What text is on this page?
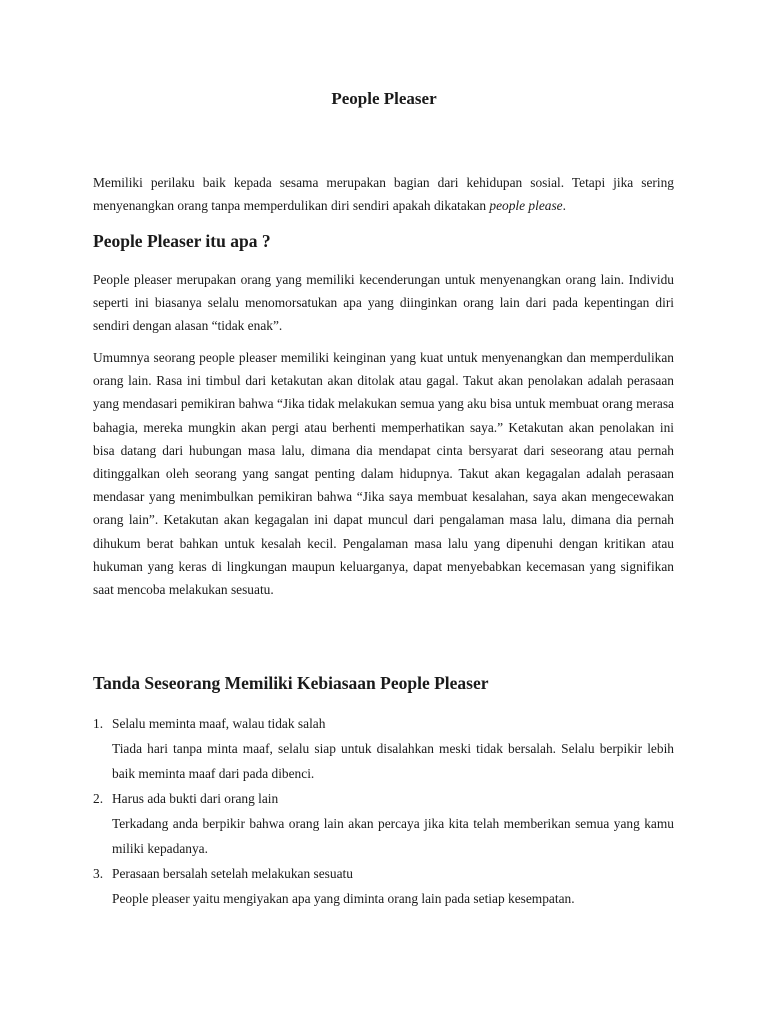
People Pleaser

Memiliki perilaku baik kepada sesama merupakan bagian dari kehidupan sosial. Tetapi jika sering menyenangkan orang tanpa memperdulikan diri sendiri apakah dikatakan people please.

People Pleaser itu apa ?

People pleaser merupakan orang yang memiliki kecenderungan untuk menyenangkan orang lain. Individu seperti ini biasanya selalu menomorsatukan apa yang diinginkan orang lain dari pada kepentingan diri sendiri dengan alasan “tidak enak”.

Umumnya seorang people pleaser memiliki keinginan yang kuat untuk menyenangkan dan memperdulikan orang lain. Rasa ini timbul dari ketakutan akan ditolak atau gagal. Takut akan penolakan adalah perasaan yang mendasari pemikiran bahwa “Jika tidak melakukan semua yang aku bisa untuk membuat orang merasa bahagia, mereka mungkin akan pergi atau berhenti memperhatikan saya.” Ketakutan akan penolakan ini bisa datang dari hubungan masa lalu, dimana dia mendapat cinta bersyarat dari seseorang atau pernah ditinggalkan oleh seorang yang sangat penting dalam hidupnya. Takut akan kegagalan adalah perasaan mendasar yang menimbulkan pemikiran bahwa “Jika saya membuat kesalahan, saya akan mengecewakan orang lain”. Ketakutan akan kegagalan ini dapat muncul dari pengalaman masa lalu, dimana dia pernah dihukum berat bahkan untuk kesalah kecil. Pengalaman masa lalu yang dipenuhi dengan kritikan atau hukuman yang keras di lingkungan maupun keluarganya, dapat menyebabkan kecemasan yang signifikan saat mencoba melakukan sesuatu.

Tanda Seseorang Memiliki Kebiasaan People Pleaser
1. Selalu meminta maaf, walau tidak salah
Tiada hari tanpa minta maaf, selalu siap untuk disalahkan meski tidak bersalah. Selalu berpikir lebih baik meminta maaf dari pada dibenci.
2. Harus ada bukti dari orang lain
Terkadang anda berpikir bahwa orang lain akan percaya jika kita telah memberikan semua yang kamu miliki kepadanya.
3. Perasaan bersalah setelah melakukan sesuatu
People pleaser yaitu mengiyakan apa yang diminta orang lain pada setiap kesempatan.
